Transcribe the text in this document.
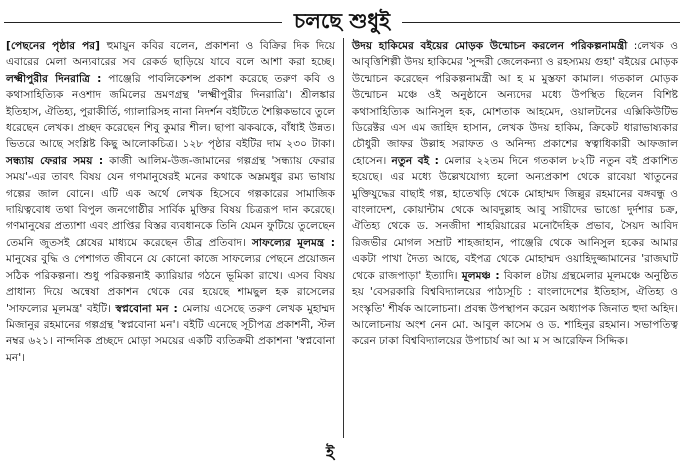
চলছে শুধুই

[পেছনের পৃষ্ঠার পর] হুমায়ুন কবির বলেন, প্রকাশনা ও বিক্রির দিক দিয়ে এবারের মেলা অন্যবারের সব রেকর্ড ছাড়িয়ে যাবে বলে আশা করা হচ্ছে। লক্ষ্মীপুরীর দিনরাত্রি : পাঞ্জেরি পাবলিকেশন্স প্রকাশ করেছে তরুণ কবি ও কথাসাহিত্যিক নওশাদ জমিলের ভ্রমণগ্রন্থ 'লক্ষ্মীপুরীর দিনরাত্রি'। শ্রীলঙ্কার ইতিহাস, ঐতিহ্য, পুরাকীর্তি, গ্যালারিসহ নানা নিদর্শন বইটিতে শৈল্পিকভাবে তুলে ধরেছেন লেখক। প্রচ্ছদ করেছেন শিবু কুমার শীল। ছাপা ঝকঝকে, বাঁধাই উন্নত। ভিতরে আছে সংশ্লিষ্ট কিছু আলোকচিত্র। ১২৮ পৃষ্ঠার বইটির দাম ২৩০ টাকা। সন্ধ্যায় ফেরার সময় : কাজী আলিম-উজ-জামানের গল্পগ্রন্থ 'সন্ধ্যায় ফেরার সময়'-এর তাবৎ বিষয় যেন গণমানুষেরই মনের কথাকে অম্লমধুর রম্য ভাষায় গল্পের জাল বোনে। এটি এক অর্থে লেখক হিসেবে গল্পকারের সামাজিক দায়িত্ববোধ তথা বিপুল জনগোষ্ঠীর সার্বিক মুক্তির বিষয় চিত্ররূপ দান করেছে। গণমানুষের প্রত্যাশা এবং প্রাপ্তির বিস্তর ব্যবধানকে তিনি যেমন ফুটিয়ে তুলেছেন তেমনি জুতসই শ্লেষের মাধ্যমে করেছেন তীব্র প্রতিবাদ। সাফল্যের মূলমন্ত্র : মানুষের বুদ্ধি ও পেশাগত জীবনে যে কোনো কাজে সাফল্যের পেছনে প্রয়োজন সঠিক পরিকল্পনা। শুধু পরিকল্পনাই ক্যারিয়ার গঠনে ভূমিকা রাখে। এসব বিষয় প্রাধান্য দিয়ে অন্বেষা প্রকাশন থেকে বের হয়েছে শামছুল হক রাসেলের 'সাফল্যের মূলমন্ত্র' বইটি। স্বপ্নবোনা মন : মেলায় এসেছে তরুণ লেখক মুহাম্মদ মিজানুর রহমানের গল্পগ্রন্থ 'স্বপ্নবোনা মন'। বইটি এনেছে সূচীপত্র প্রকাশনী, স্টল নম্বর ৬২১। নান্দনিক প্রচ্ছদে মোড়া সময়ের একটি ব্যতিক্রমী প্রকাশনা 'স্বপ্নবোনা মন'।

উদয় হাকিমের বইয়ের মোড়ক উন্মোচন করলেন পরিকল্পনামন্ত্রী :লেখক ও আবৃত্তিশিল্পী উদয় হাকিমের 'সুন্দরী জেলেকন্যা ও রহস্যময় গুহা' বইয়ের মোড়ক উন্মোচন করেছেন পরিকল্পনামন্ত্রী আ হ ম মুস্তফা কামাল। গতকাল মোড়ক উন্মোচন মঞ্চে ওই অনুষ্ঠানে অন্যদের মধ্যে উপস্থিত ছিলেন বিশিষ্ট কথাসাহিত্যিক আনিসুল হক, মোশতাক আহমেদ, ওয়ালটনের এক্সিকিউটিভ ডিরেক্টর এস এম জাহিদ হাসান, লেখক উদয় হাকিম, ক্রিকেট ধারাভাষ্যকার চৌধুরী জাফর উল্লাহ সরাফত ও অনিন্দ্য প্রকাশের স্বত্বাধিকারী আফজাল হোসেন। নতুন বই : মেলার ২২তম দিনে গতকাল ৮২টি নতুন বই প্রকাশিত হয়েছে। এর মধ্যে উল্লেখযোগ্য হলো অন্যপ্রকাশ থেকে রাবেয়া খাতুনের মুক্তিযুদ্ধের বাছাই গল্প, হাতেখড়ি থেকে মোহাম্মদ জিল্লুর রহমানের বঙ্গবন্ধু ও বাংলাদেশ, কোয়ান্টাম থেকে আবদুল্লাহ আবু সায়ীদের ভাঙো দুর্দশার চক্র, ঐতিহ্য থেকে ড. সনজীদা শাহরিয়ারের মনোদৈহিক প্রভাব, সৈয়দ আবিদ রিজভীর মোগল সম্রাট শাহজাহান, পাঞ্জেরি থেকে আনিসুল হকের আমার একটা পাখা দৈত্য আছে, বইপত্র থেকে মোহাম্মদ ওয়াহিদুজ্জামানের 'রাজঘাট থেকে রাজপাড়া' ইত্যাদি। মূলমঞ্চ : বিকাল ৪টায় গ্রন্থমেলার মূলমঞ্চে অনুষ্ঠিত হয় 'বেসরকারি বিশ্ববিদ্যালয়ের পাঠ্যসূচি : বাংলাদেশের ইতিহাস, ঐতিহ্য ও সংস্কৃতি' শীর্ষক আলোচনা। প্রবন্ধ উপস্থাপন করেন অধ্যাপক জিনাত হুদা অহিদ। আলোচনায় অংশ নেন মো. আবুল কাসেম ও ড. শাহিনুর রহমান। সভাপতিত্ব করেন ঢাকা বিশ্ববিদ্যালয়ের উপাচার্য আ আ ম স আরেফিন সিদ্দিক।

ই
